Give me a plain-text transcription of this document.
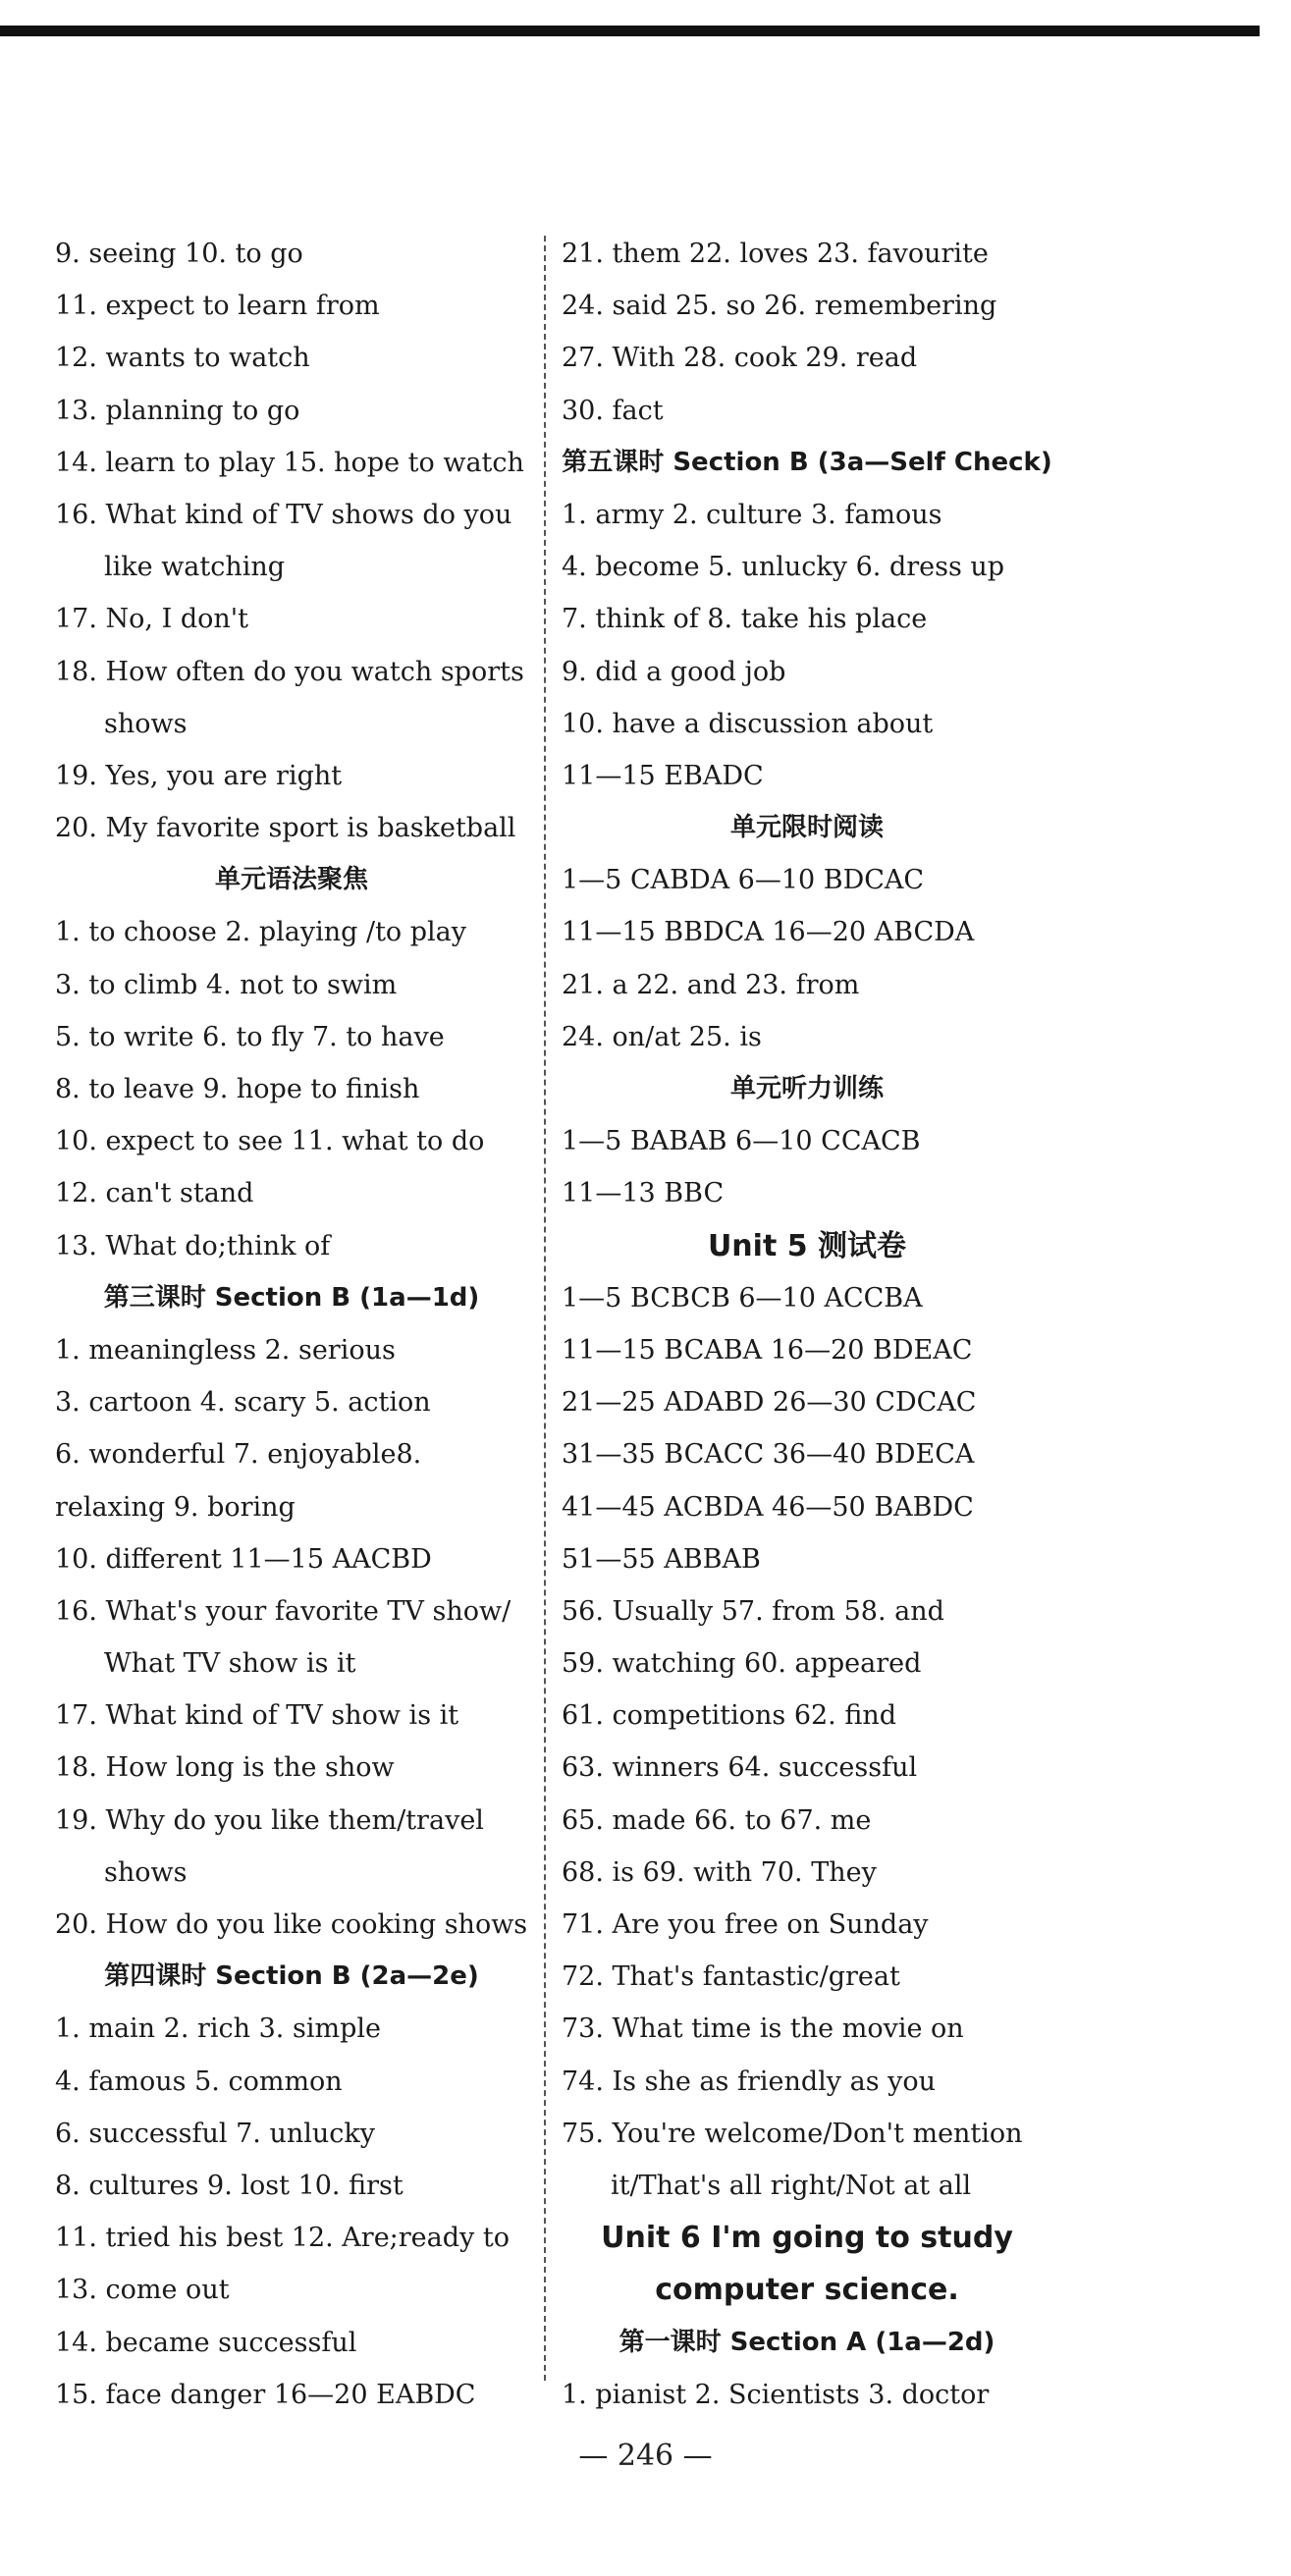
9. seeing 10. to go
11. expect to learn from
12. wants to watch
13. planning to go
14. learn to play 15. hope to watch
16. What kind of TV shows do you
like watching
17. No, I don't
18. How often do you watch sports
shows
19. Yes, you are right
20. My favorite sport is basketball
单元语法聚焦
1. to choose 2. playing /to play
3. to climb 4. not to swim
5. to write 6. to fly 7. to have
8. to leave 9. hope to finish
10. expect to see 11. what to do
12. can't stand
13. What do;think of
第三课时 Section B (1a—1d)
1. meaningless 2. serious
3. cartoon 4. scary 5. action
6. wonderful 7. enjoyable8.
relaxing 9. boring
10. different 11—15 AACBD
16. What's your favorite TV show/
What TV show is it
17. What kind of TV show is it
18. How long is the show
19. Why do you like them/travel
shows
20. How do you like cooking shows
第四课时 Section B (2a—2e)
1. main 2. rich 3. simple
4. famous 5. common
6. successful 7. unlucky
8. cultures 9. lost 10. first
11. tried his best 12. Are;ready to
13. come out
14. became successful
15. face danger 16—20 EABDC
21. them 22. loves 23. favourite
24. said 25. so 26. remembering
27. With 28. cook 29. read
30. fact
第五课时 Section B (3a—Self Check)
1. army 2. culture 3. famous
4. become 5. unlucky 6. dress up
7. think of 8. take his place
9. did a good job
10. have a discussion about
11—15 EBADC
单元限时阅读
1—5 CABDA 6—10 BDCAC
11—15 BBDCA 16—20 ABCDA
21. a 22. and 23. from
24. on/at 25. is
单元听力训练
1—5 BABAB 6—10 CCACB
11—13 BBC
Unit 5 测试卷
1—5 BCBCB 6—10 ACCBA
11—15 BCABA 16—20 BDEAC
21—25 ADABD 26—30 CDCAC
31—35 BCACC 36—40 BDECA
41—45 ACBDA 46—50 BABDC
51—55 ABBAB
56. Usually 57. from 58. and
59. watching 60. appeared
61. competitions 62. find
63. winners 64. successful
65. made 66. to 67. me
68. is 69. with 70. They
71. Are you free on Sunday
72. That's fantastic/great
73. What time is the movie on
74. Is she as friendly as you
75. You're welcome/Don't mention
it/That's all right/Not at all
Unit 6 I'm going to study
computer science.
第一课时 Section A (1a—2d)
1. pianist 2. Scientists 3. doctor
— 246 —
